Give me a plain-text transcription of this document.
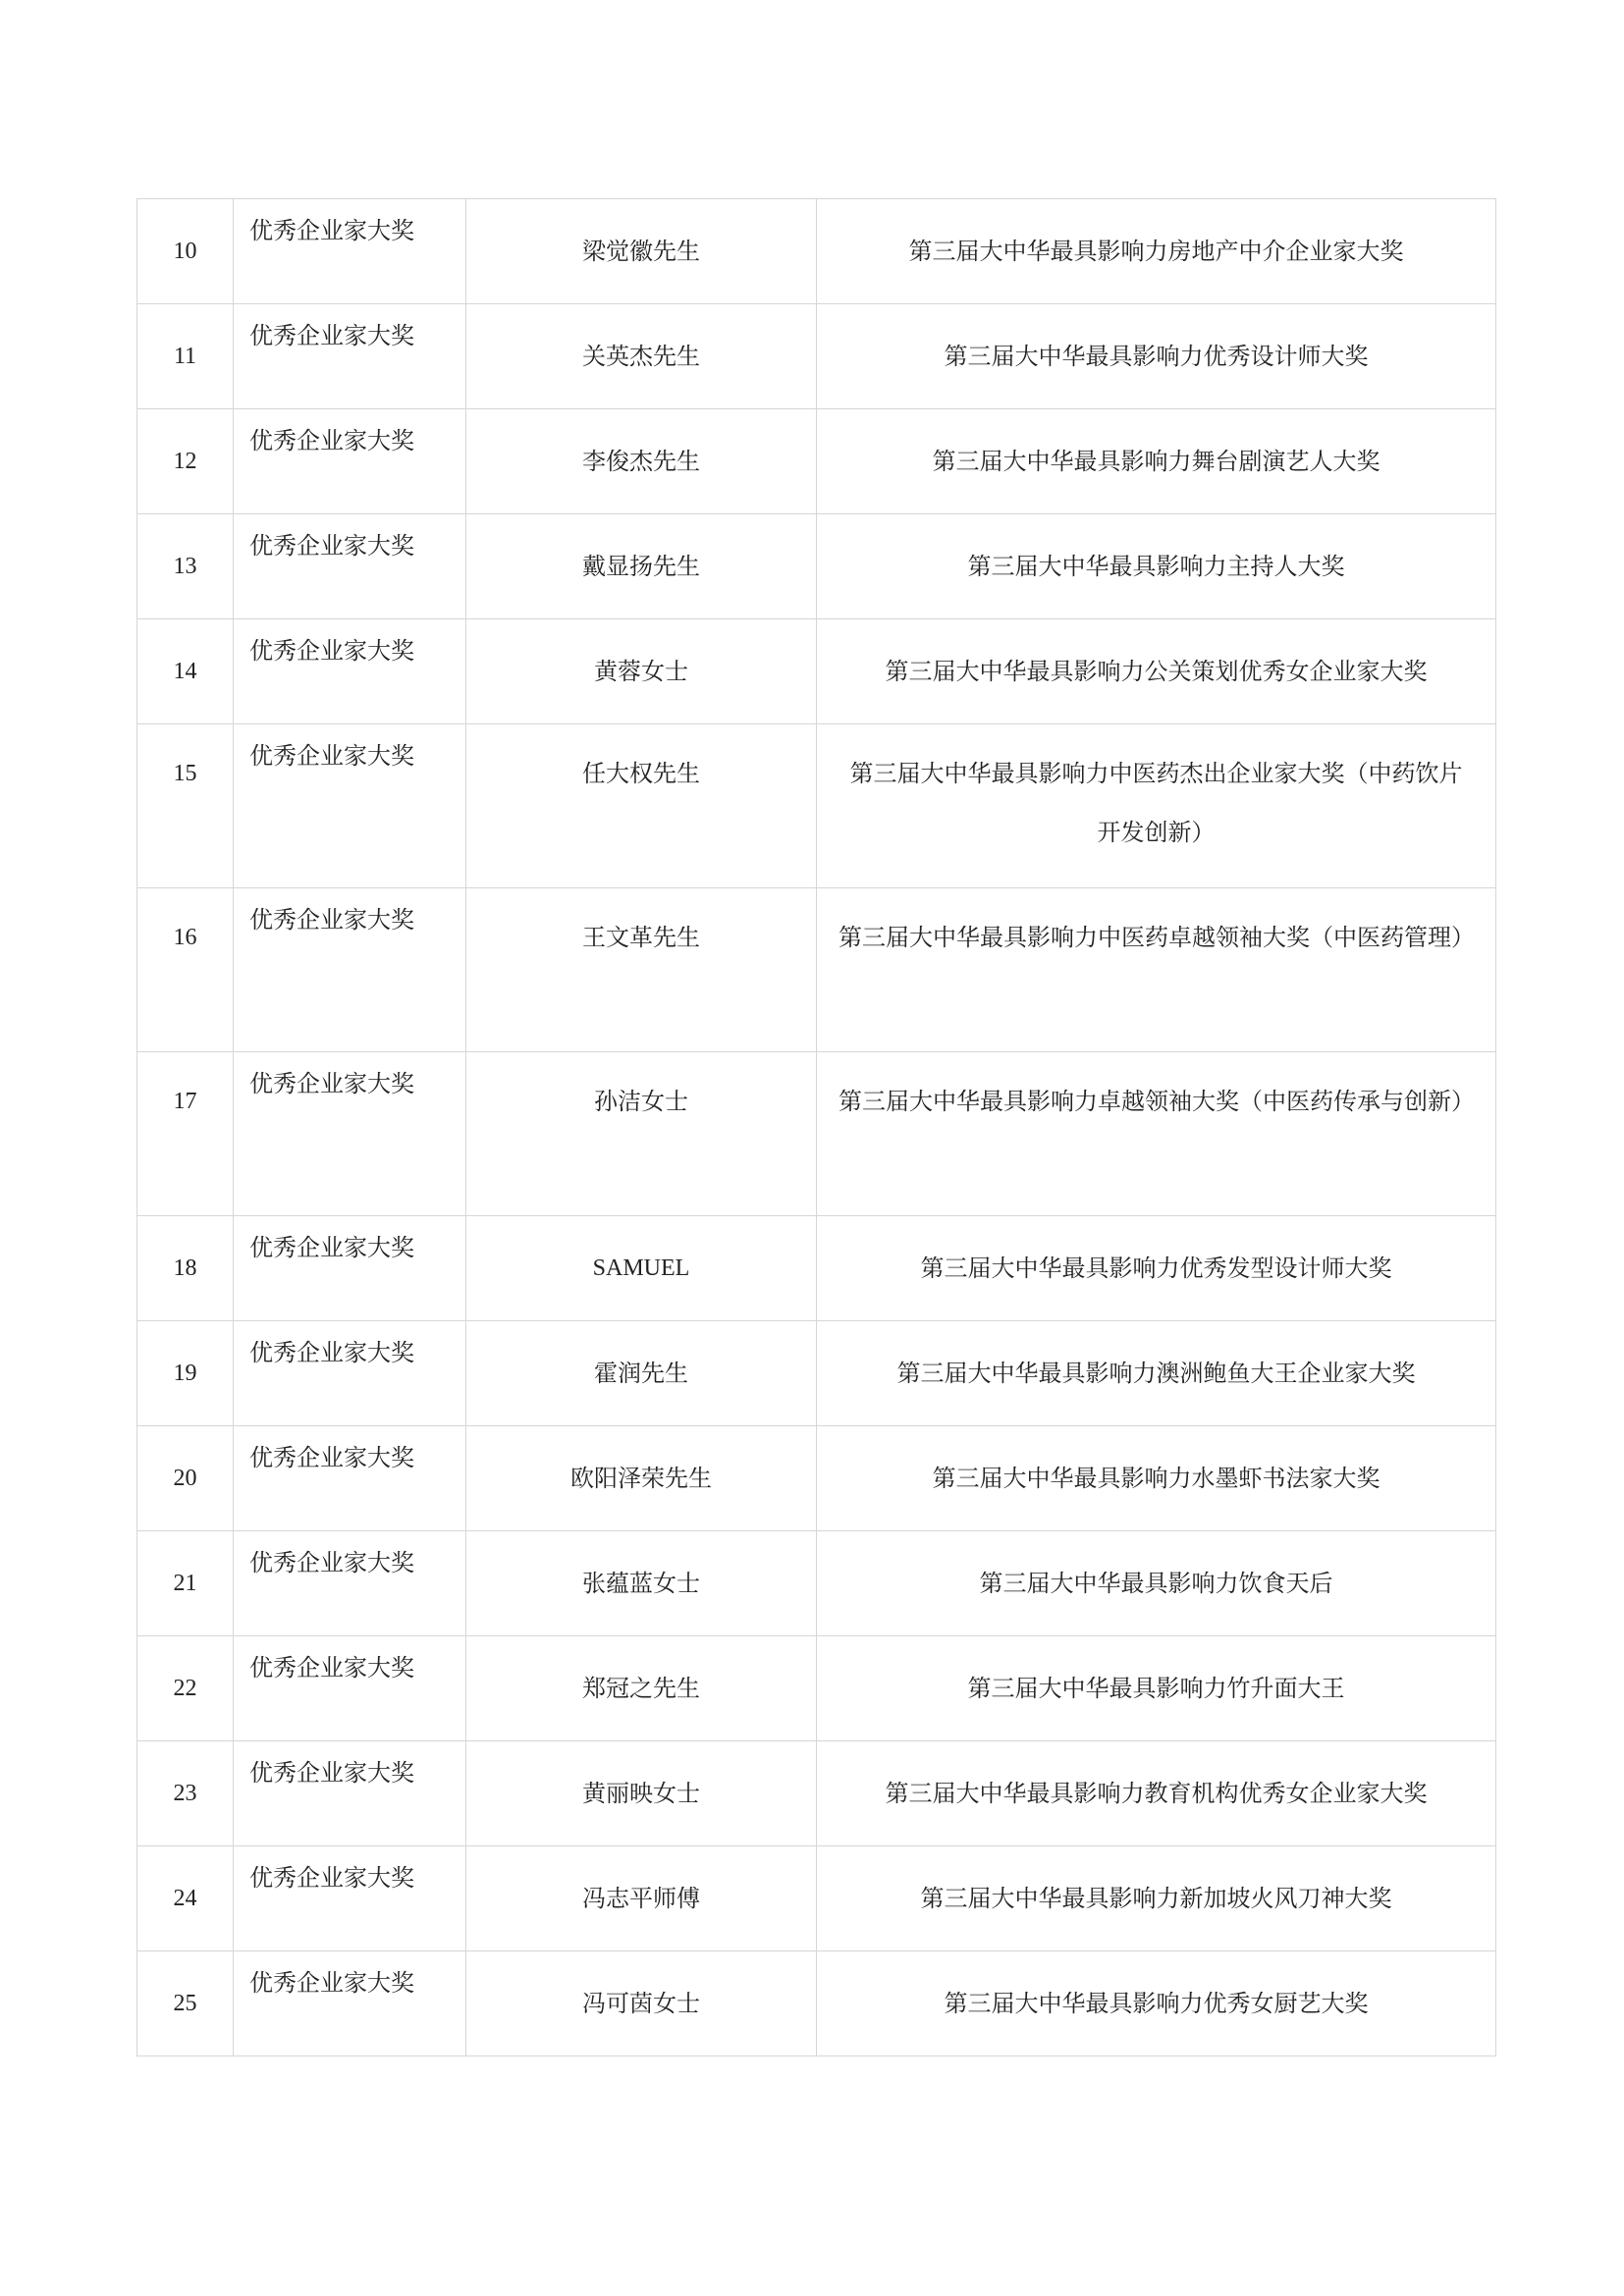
10	优秀企业家大奖	梁觉徽先生	第三届大中华最具影响力房地产中介企业家大奖
11	优秀企业家大奖	关英杰先生	第三届大中华最具影响力优秀设计师大奖
12	优秀企业家大奖	李俊杰先生	第三届大中华最具影响力舞台剧演艺人大奖
13	优秀企业家大奖	戴显扬先生	第三届大中华最具影响力主持人大奖
14	优秀企业家大奖	黄蓉女士	第三届大中华最具影响力公关策划优秀女企业家大奖
15	优秀企业家大奖	任大权先生	第三届大中华最具影响力中医药杰出企业家大奖（中药饮片开发创新）
16	优秀企业家大奖	王文革先生	第三届大中华最具影响力中医药卓越领袖大奖（中医药管理）
17	优秀企业家大奖	孙洁女士	第三届大中华最具影响力卓越领袖大奖（中医药传承与创新）
18	优秀企业家大奖	SAMUEL	第三届大中华最具影响力优秀发型设计师大奖
19	优秀企业家大奖	霍润先生	第三届大中华最具影响力澳洲鲍鱼大王企业家大奖
20	优秀企业家大奖	欧阳泽荣先生	第三届大中华最具影响力水墨虾书法家大奖
21	优秀企业家大奖	张蕴蓝女士	第三届大中华最具影响力饮食天后
22	优秀企业家大奖	郑冠之先生	第三届大中华最具影响力竹升面大王
23	优秀企业家大奖	黄丽映女士	第三届大中华最具影响力教育机构优秀女企业家大奖
24	优秀企业家大奖	冯志平师傅	第三届大中华最具影响力新加坡火风刀神大奖
25	优秀企业家大奖	冯可茵女士	第三届大中华最具影响力优秀女厨艺大奖
